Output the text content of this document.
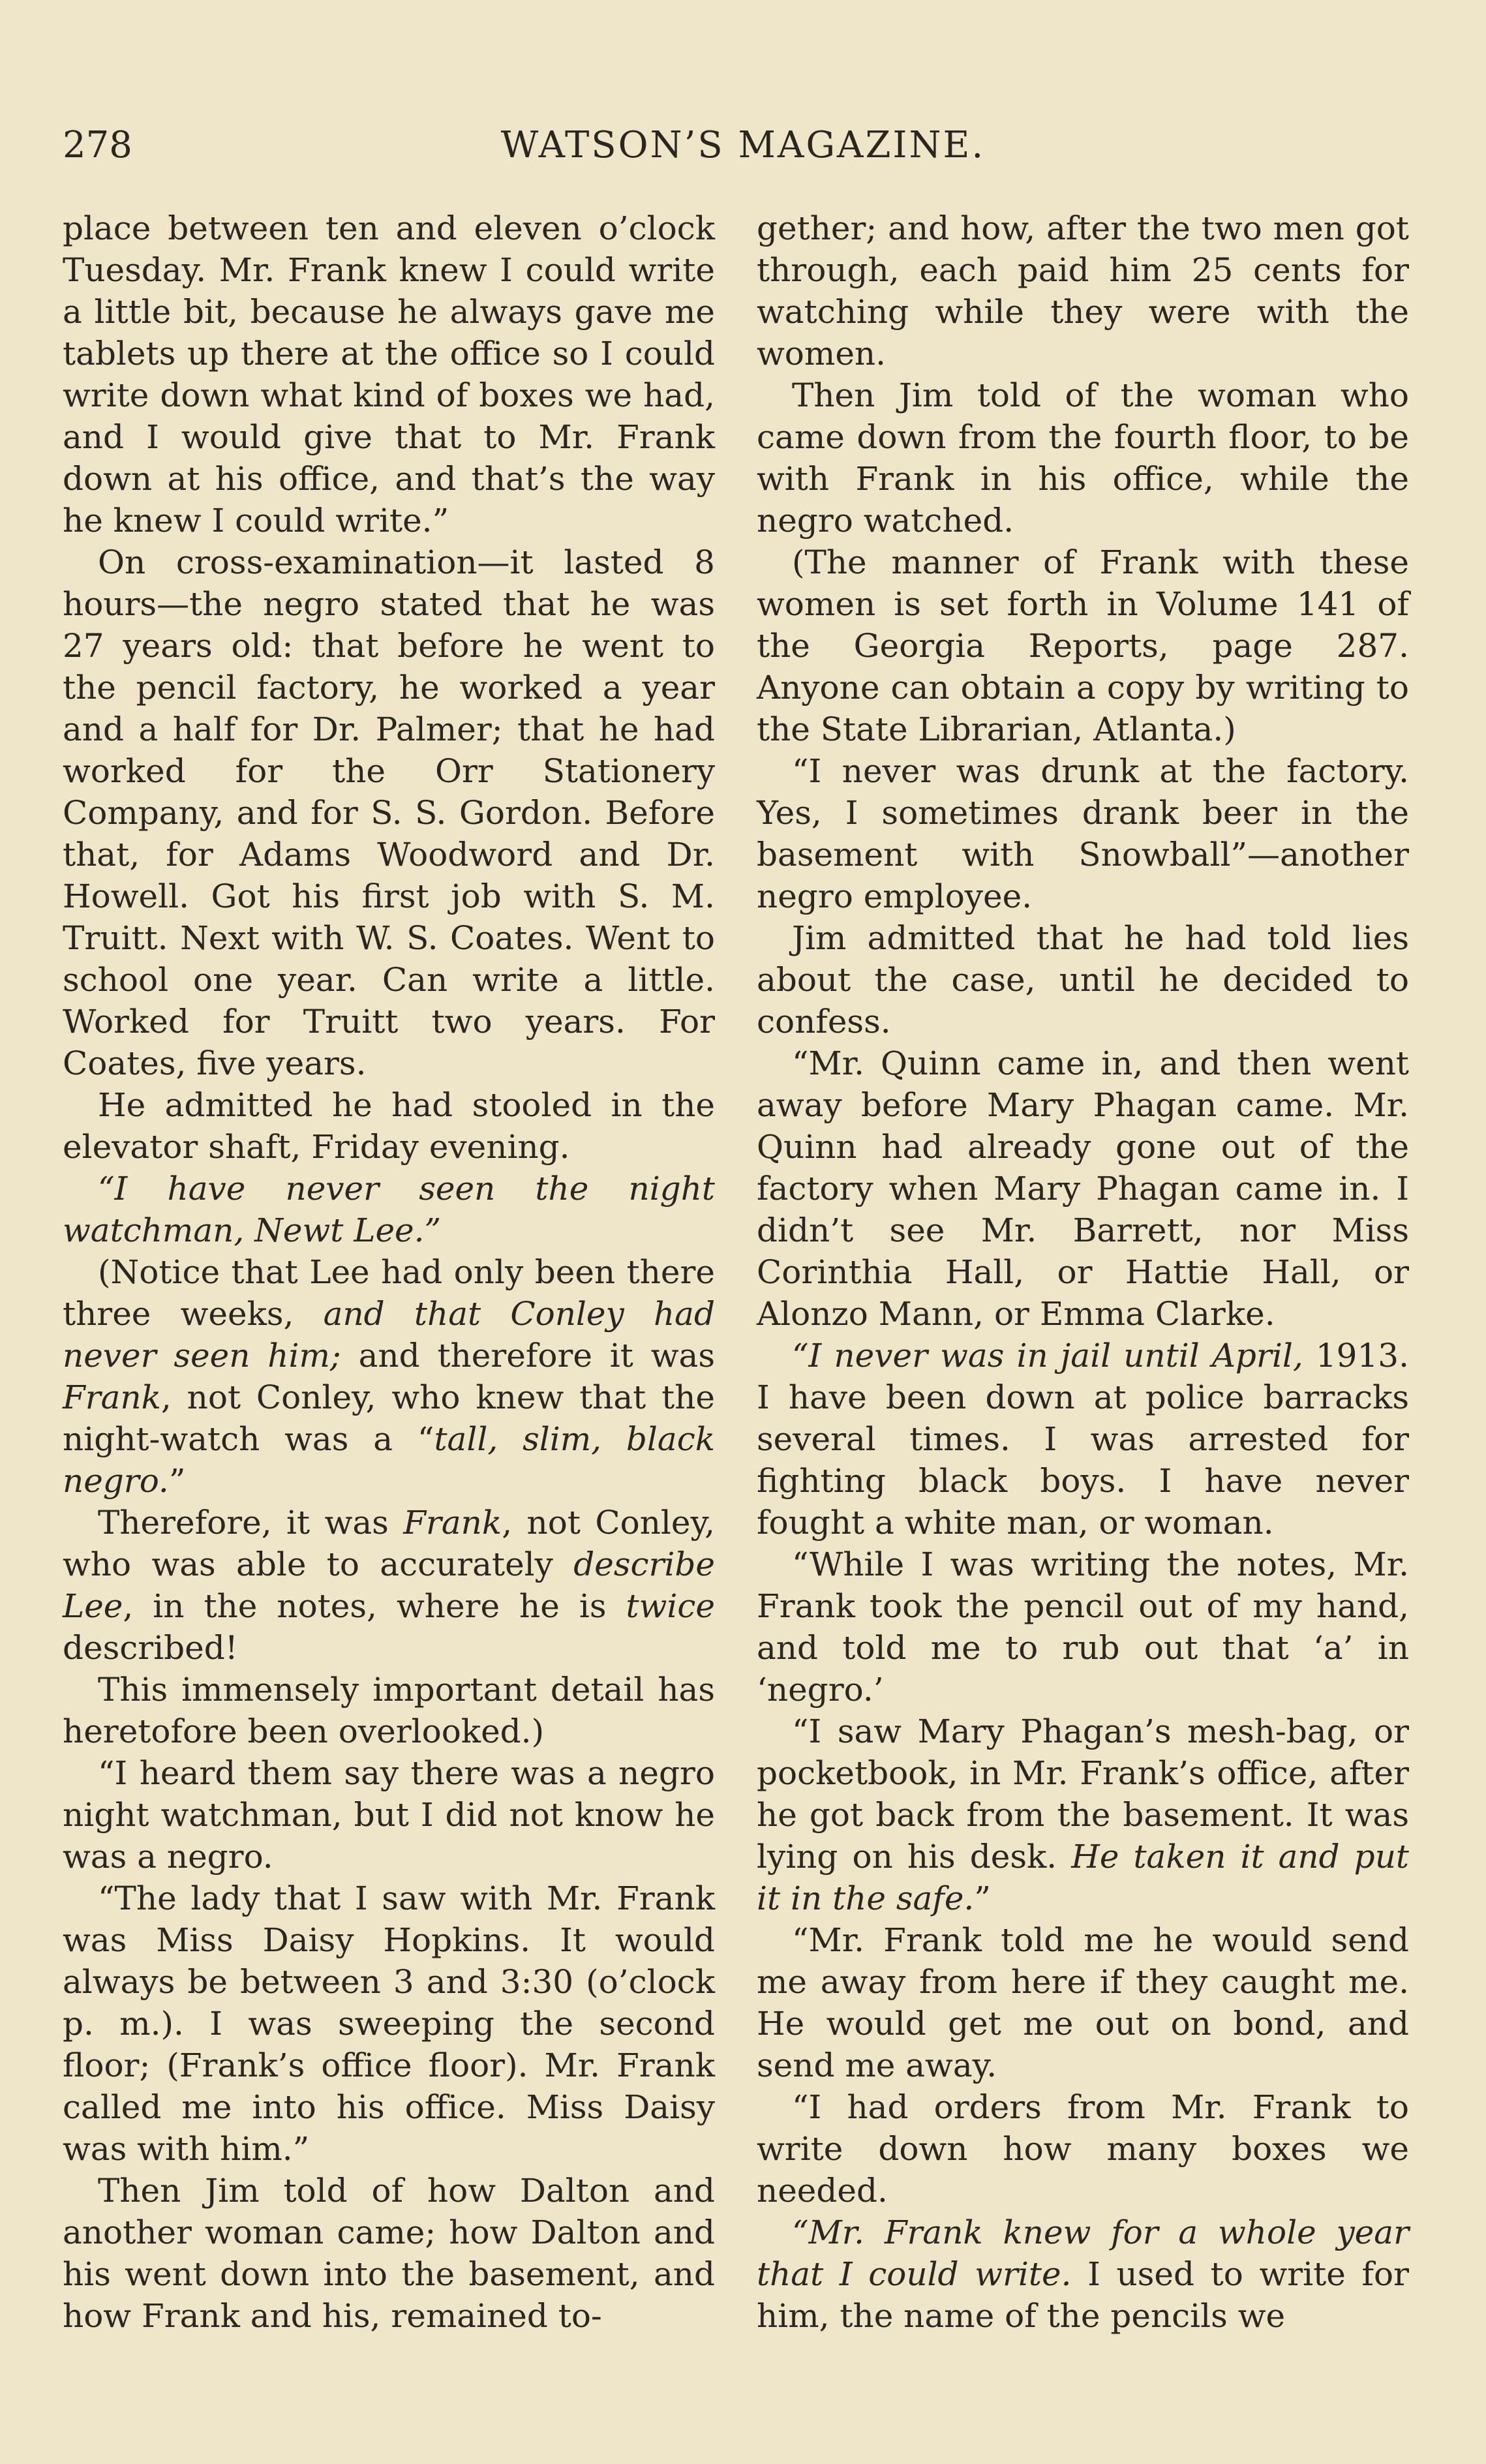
278	WATSON’S MAGAZINE.

place between ten and eleven o’clock Tuesday. Mr. Frank knew I could write a little bit, because he always gave me tablets up there at the office so I could write down what kind of boxes we had, and I would give that to Mr. Frank down at his office, and that’s the way he knew I could write.”

On cross-examination—it lasted 8 hours—the negro stated that he was 27 years old: that before he went to the pencil factory, he worked a year and a half for Dr. Palmer; that he had worked for the Orr Stationery Company, and for S. S. Gordon. Before that, for Adams Woodword and Dr. Howell. Got his first job with S. M. Truitt. Next with W. S. Coates. Went to school one year. Can write a little. Worked for Truitt two years. For Coates, five years.

He admitted he had stooled in the elevator shaft, Friday evening.

“I have never seen the night watchman, Newt Lee.”

(Notice that Lee had only been there three weeks, and that Conley had never seen him; and therefore it was Frank, not Conley, who knew that the night-watch was a “tall, slim, black negro.”

Therefore, it was Frank, not Conley, who was able to accurately describe Lee, in the notes, where he is twice described!

This immensely important detail has heretofore been overlooked.)

“I heard them say there was a negro night watchman, but I did not know he was a negro.

“The lady that I saw with Mr. Frank was Miss Daisy Hopkins. It would always be between 3 and 3:30 (o’clock p. m.). I was sweeping the second floor; (Frank’s office floor). Mr. Frank called me into his office. Miss Daisy was with him.”

Then Jim told of how Dalton and another woman came; how Dalton and his went down into the basement, and how Frank and his, remained to-

gether; and how, after the two men got through, each paid him 25 cents for watching while they were with the women.

Then Jim told of the woman who came down from the fourth floor, to be with Frank in his office, while the negro watched.

(The manner of Frank with these women is set forth in Volume 141 of the Georgia Reports, page 287. Anyone can obtain a copy by writing to the State Librarian, Atlanta.)

“I never was drunk at the factory. Yes, I sometimes drank beer in the basement with Snowball”—another negro employee.

Jim admitted that he had told lies about the case, until he decided to confess.

“Mr. Quinn came in, and then went away before Mary Phagan came. Mr. Quinn had already gone out of the factory when Mary Phagan came in. I didn’t see Mr. Barrett, nor Miss Corinthia Hall, or Hattie Hall, or Alonzo Mann, or Emma Clarke.

“I never was in jail until April, 1913. I have been down at police barracks several times. I was arrested for fighting black boys. I have never fought a white man, or woman.

“While I was writing the notes, Mr. Frank took the pencil out of my hand, and told me to rub out that ‘a’ in ‘negro.’

“I saw Mary Phagan’s mesh-bag, or pocketbook, in Mr. Frank’s office, after he got back from the basement. It was lying on his desk. He taken it and put it in the safe.”

“Mr. Frank told me he would send me away from here if they caught me. He would get me out on bond, and send me away.

“I had orders from Mr. Frank to write down how many boxes we needed.

“Mr. Frank knew for a whole year that I could write. I used to write for him, the name of the pencils we
